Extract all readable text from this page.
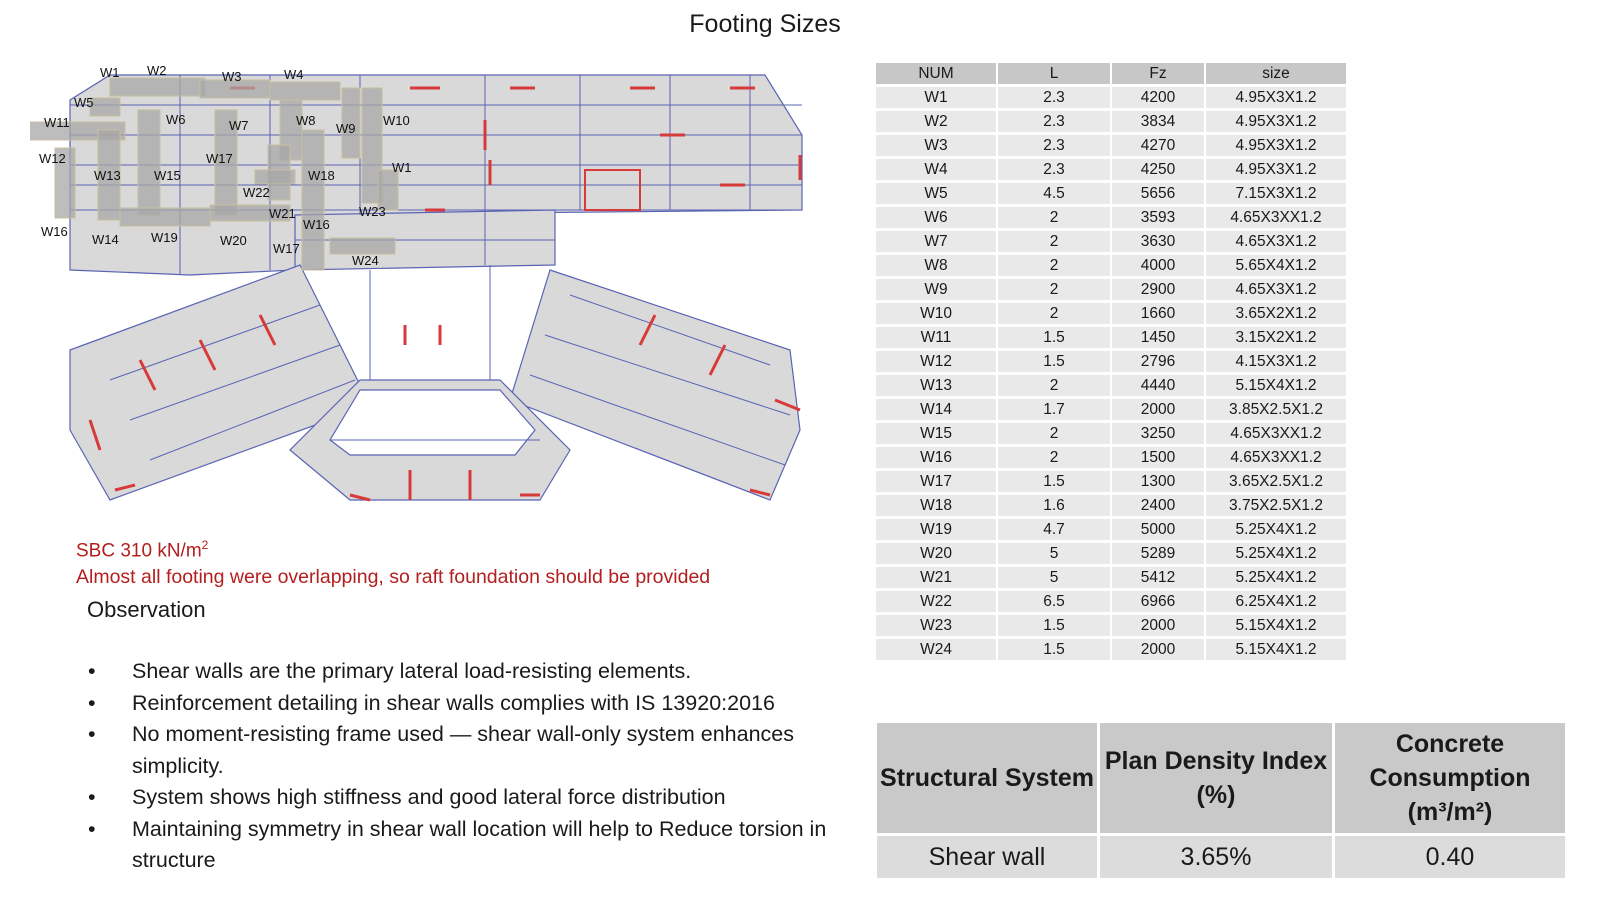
Footing Sizes
W1 W2	W3	W4
W5
W6	W7	W8
W9
W10
W11
W12
W13
W14
W15
W16
W17
W18
W19	W20
W21
W22
W23
W24
W16
W17
W1
SBC 310 $kN/m^2$
Almost all footing were overlapping, so raft foundation should be provided
Observation
• Shear walls are the primary lateral load-resisting elements.
• Reinforcement detailing in shear walls complies with IS 13920:2016
• No moment-resisting frame used — shear wall-only system enhances simplicity.
• System shows high stiffness and good lateral force distribution
• Maintaining symmetry in shear wall location will help to Reduce torsion in structure
NUM	L	Fz	size
W1	2.3	4200	4.95X3X1.2
W2	2.3	3834	4.95X3X1.2
W3	2.3	4270	4.95X3X1.2
W4	2.3	4250	4.95X3X1.2
W5	4.5	5656	7.15X3X1.2
W6	2	3593	4.65X3XX1.2
W7	2	3630	4.65X3X1.2
W8	2	4000	5.65X4X1.2
W9	2	2900	4.65X3X1.2
W10	2	1660	3.65X2X1.2
W11	1.5	1450	3.15X2X1.2
W12	1.5	2796	4.15X3X1.2
W13	2	4440	5.15X4X1.2
W14	1.7	2000	3.85X2.5X1.2
W15	2	3250	4.65X3XX1.2
W16	2	1500	4.65X3XX1.2
W17	1.5	1300	3.65X2.5X1.2
W18	1.6	2400	3.75X2.5X1.2
W19	4.7	5000	5.25X4X1.2
W20	5	5289	5.25X4X1.2
W21	5	5412	5.25X4X1.2
W22	6.5	6966	6.25X4X1.2
W23	1.5	2000	5.15X4X1.2
W24	1.5	2000	5.15X4X1.2
Structural System	Plan Density Index (%)	Concrete Consumption (m³/m²)
Shear wall	3.65%	0.40
